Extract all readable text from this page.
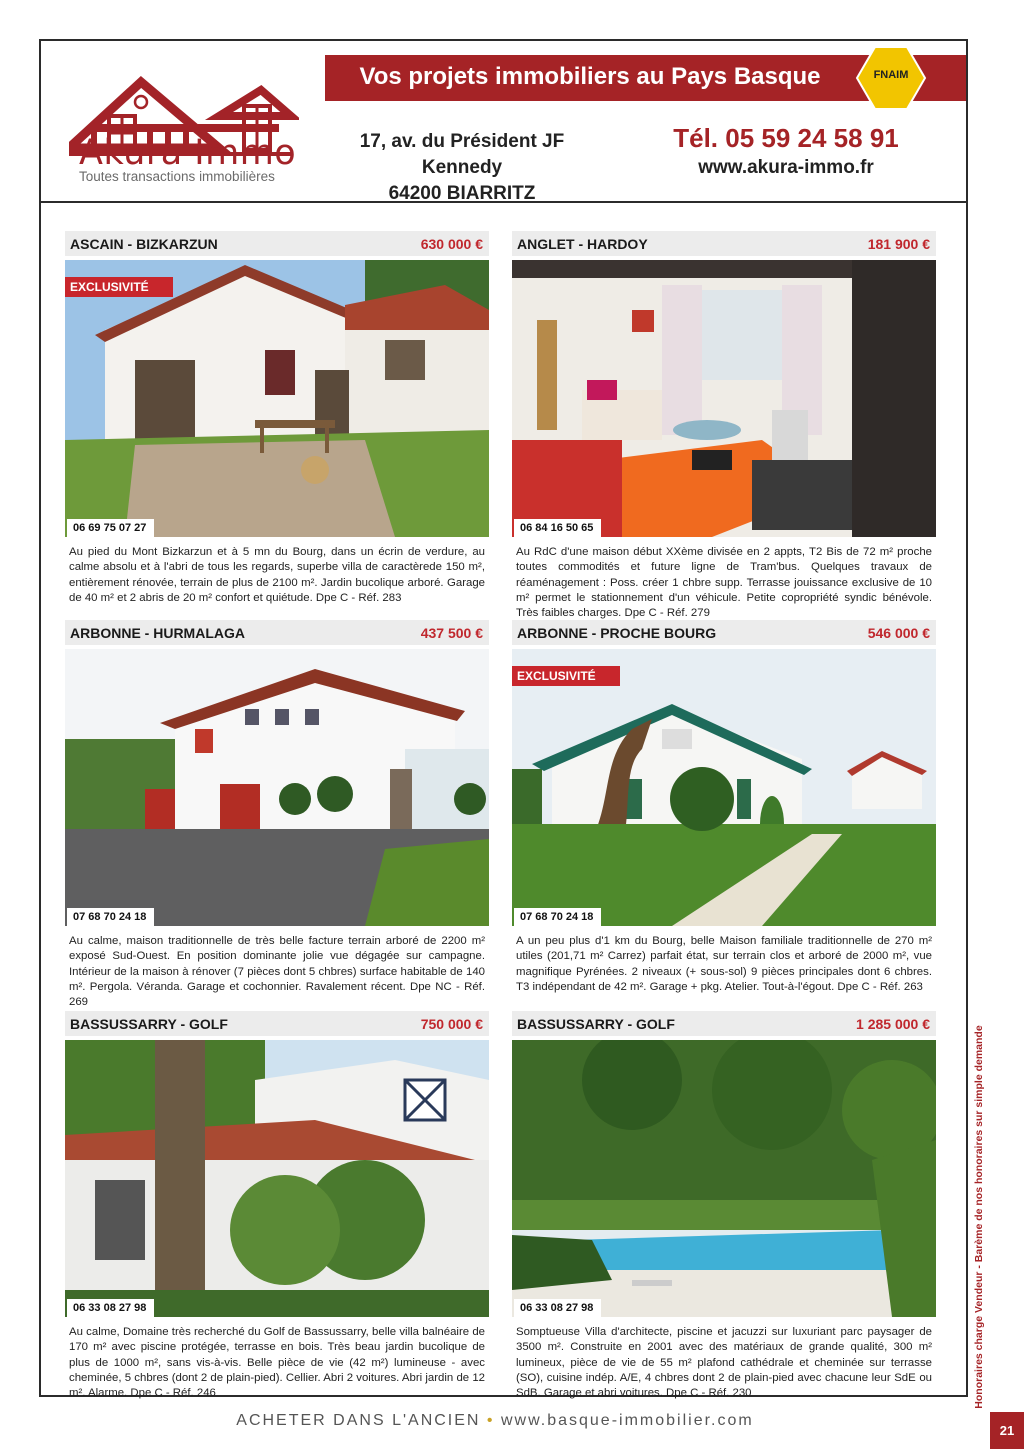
Akura Immo
Toutes transactions immobilières
Vos projets immobiliers au Pays Basque	FNAIM
17, av. du Président JF Kennedy
64200 BIARRITZ
Tél. 05 59 24 58 91
www.akura-immo.fr
ASCAIN - BIZKARZUN	630 000 €
EXCLUSIVITÉ
06 69 75 07 27
Au pied du Mont Bizkarzun et à 5 mn du Bourg, dans un écrin de verdure, au calme absolu et à l'abri de tous les regards, superbe villa de caractèrede 150 m², entièrement rénovée, terrain de plus de 2100 m². Jardin bucolique arboré. Garage de 40 m² et 2 abris de 20 m² confort et quiétude. Dpe C - Réf. 283
ANGLET - HARDOY	181 900 €
06 84 16 50 65
Au RdC d'une maison début XXème divisée en 2 appts, T2 Bis de 72 m² proche toutes commodités et future ligne de Tram'bus. Quelques travaux de réaménagement : Poss. créer 1 chbre supp. Terrasse jouissance exclusive de 10 m² permet le stationnement d'un véhicule. Petite copropriété syndic bénévole. Très faibles charges. Dpe C - Réf. 279
ARBONNE - HURMALAGA	437 500 €
07 68 70 24 18
Au calme, maison traditionnelle de très belle facture terrain arboré de 2200 m² exposé Sud-Ouest. En position dominante jolie vue dégagée sur campagne. Intérieur de la maison à rénover (7 pièces dont 5 chbres) surface habitable de 140 m². Pergola. Véranda. Garage et cochonnier. Ravalement récent. Dpe NC - Réf. 269
ARBONNE - PROCHE BOURG	546 000 €
EXCLUSIVITÉ
07 68 70 24 18
A un peu plus d'1 km du Bourg, belle Maison familiale traditionnelle de 270 m² utiles (201,71 m² Carrez) parfait état, sur terrain clos et arboré de 2000 m², vue magnifique Pyrénées. 2 niveaux (+ sous-sol) 9 pièces principales dont 6 chbres. T3 indépendant de 42 m². Garage + pkg. Atelier. Tout-à-l'égout. Dpe C - Réf. 263
BASSUSSARRY - GOLF	750 000 €
06 33 08 27 98
Au calme, Domaine très recherché du Golf de Bassussarry, belle villa balnéaire de 170 m² avec piscine protégée, terrasse en bois. Très beau jardin bucolique de plus de 1000 m², sans vis-à-vis. Belle pièce de vie (42 m²) lumineuse - avec cheminée, 5 chbres (dont 2 de plain-pied). Cellier. Abri 2 voitures. Abri jardin de 12 m². Alarme. Dpe C - Réf. 246
BASSUSSARRY - GOLF	1 285 000 €
06 33 08 27 98
Somptueuse Villa d'architecte, piscine et jacuzzi sur luxuriant parc paysager de 3500 m². Construite en 2001 avec des matériaux de grande qualité, 300 m² lumineux, pièce de vie de 55 m² plafond cathédrale et cheminée sur terrasse (SO), cuisine indép. A/E, 4 chbres dont 2 de plain-pied avec chacune leur SdE ou SdB. Garage et abri voitures. Dpe C - Réf. 230	Honoraires charge Vendeur - Barème de nos honoraires sur simple demande
ACHETER DANS L'ANCIEN • www.basque-immobilier.com
21
